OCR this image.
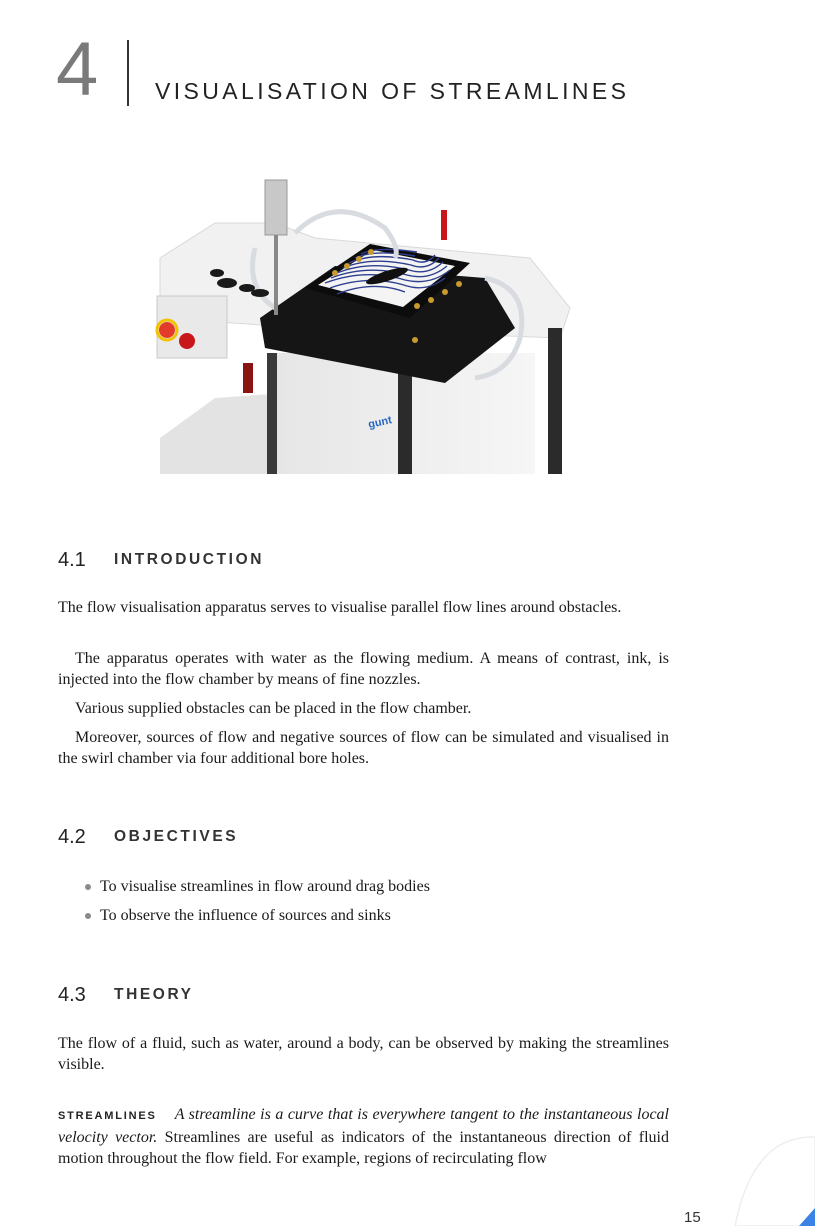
4 VISUALISATION OF STREAMLINES
gunt
4.1 INTRODUCTION

The flow visualisation apparatus serves to visualise parallel flow lines around obstacles.

The apparatus operates with water as the flowing medium. A means of contrast, ink, is injected into the flow chamber by means of fine nozzles.

Various supplied obstacles can be placed in the flow chamber.

Moreover, sources of flow and negative sources of flow can be simulated and visualised in the swirl chamber via four additional bore holes.

4.2 OBJECTIVES
To visualise streamlines in flow around drag bodies
To observe the influence of sources and sinks
4.3 THEORY

The flow of a fluid, such as water, around a body, can be observed by making the streamlines visible.

STREAMLINES A streamline is a curve that is everywhere tangent to the instantaneous local velocity vector. Streamlines are useful as indicators of the instantaneous direction of fluid motion throughout the flow field. For example, regions of recirculating flow

15
